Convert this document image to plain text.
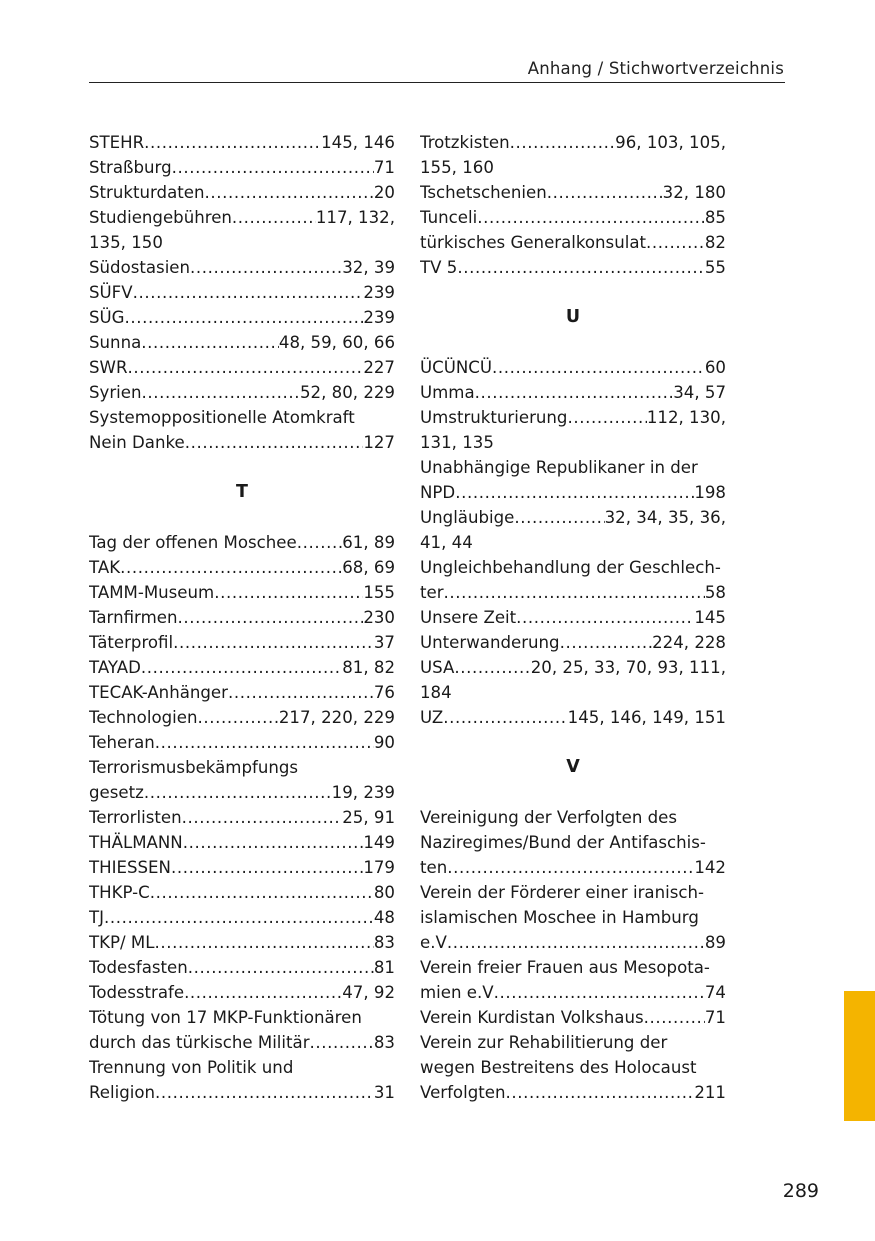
Anhang / Stichwortverzeichnis
STEHR .....	145, 146
Straßburg .....	71
Strukturdaten .....	20
Studiengebühren .....	117, 132,
135, 150
Südostasien .....	32, 39
SÜFV .....	239
SÜG .....	239
Sunna .....	48, 59, 60, 66
SWR .....	227
Syrien .....	52, 80, 229
Systemoppositionelle Atomkraft
Nein Danke .....	127
T
Tag der offenen Moschee .....	61, 89
TAK .....	68, 69
TAMM-Museum .....	155
Tarnfirmen .....	230
Täterprofil .....	37
TAYAD .....	81, 82
TECAK-Anhänger .....	76
Technologien .....	217, 220, 229
Teheran .....	90
Terrorismusbekämpfungs
gesetz .....	19, 239
Terrorlisten .....	25, 91
THÄLMANN .....	149
THIESSEN .....	179
THKP-C .....	80
TJ .....	48
TKP/ ML .....	83
Todesfasten .....	81
Todesstrafe .....	47, 92
Tötung von 17 MKP-Funktionären
durch das türkische Militär .....	83
Trennung von Politik und
Religion .....	31
Trotzkisten .....	96, 103, 105,
155, 160
Tschetschenien .....	32, 180
Tunceli .....	85
türkisches Generalkonsulat .....	82
TV 5 .....	55
U
ÜCÜNCÜ .....	60
Umma .....	34, 57
Umstrukturierung .....	112, 130,
131, 135
Unabhängige Republikaner in der
NPD .....	198
Ungläubige .....	32, 34, 35, 36,
41, 44
Ungleichbehandlung der Geschlech-
ter .....	58
Unsere Zeit .....	145
Unterwanderung .....	224, 228
USA .....	20, 25, 33, 70, 93, 111,
184
UZ .....	145, 146, 149, 151
V
Vereinigung der Verfolgten des
Naziregimes/Bund der Antifaschis-
ten .....	142
Verein der Förderer einer iranisch-
islamischen Moschee in Hamburg
e.V .....	89
Verein freier Frauen aus Mesopota-
mien e.V .....	74
Verein Kurdistan Volkshaus .....	71
Verein zur Rehabilitierung der
wegen Bestreitens des Holocaust
Verfolgten .....	211
289
